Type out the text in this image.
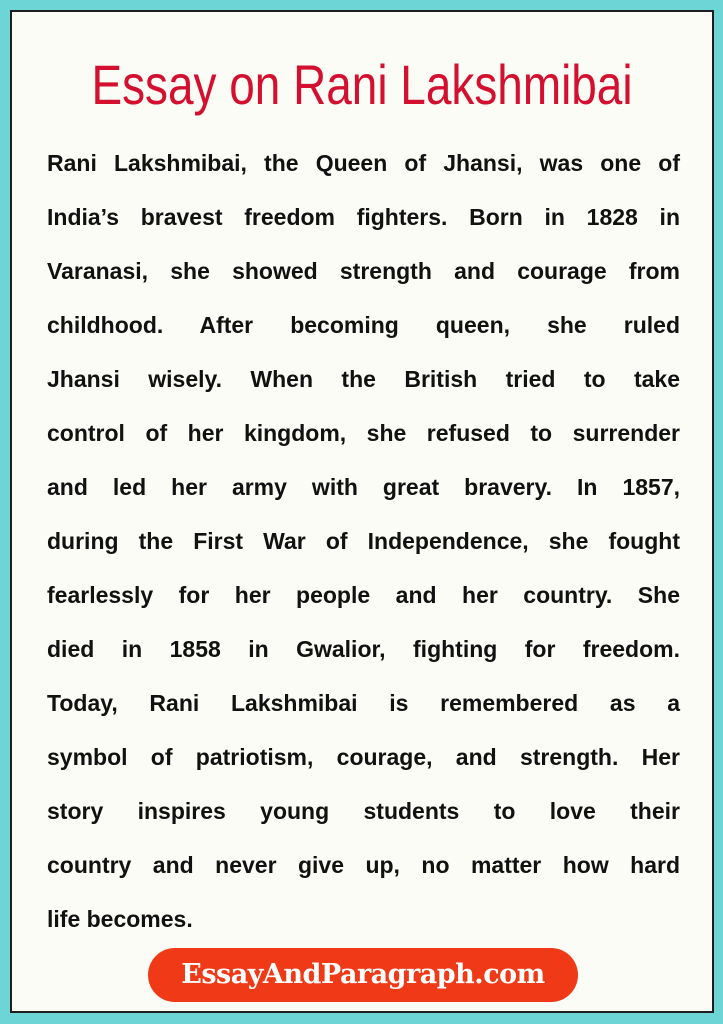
Essay on Rani Lakshmibai
Rani Lakshmibai, the Queen of Jhansi, was one of
India’s bravest freedom fighters. Born in 1828 in
Varanasi, she showed strength and courage from
childhood. After becoming queen, she ruled
Jhansi wisely. When the British tried to take
control of her kingdom, she refused to surrender
and led her army with great bravery. In 1857,
during the First War of Independence, she fought
fearlessly for her people and her country. She
died in 1858 in Gwalior, fighting for freedom.
Today, Rani Lakshmibai is remembered as a
symbol of patriotism, courage, and strength. Her
story inspires young students to love their
country and never give up, no matter how hard
life becomes.
EssayAndParagraph.com
